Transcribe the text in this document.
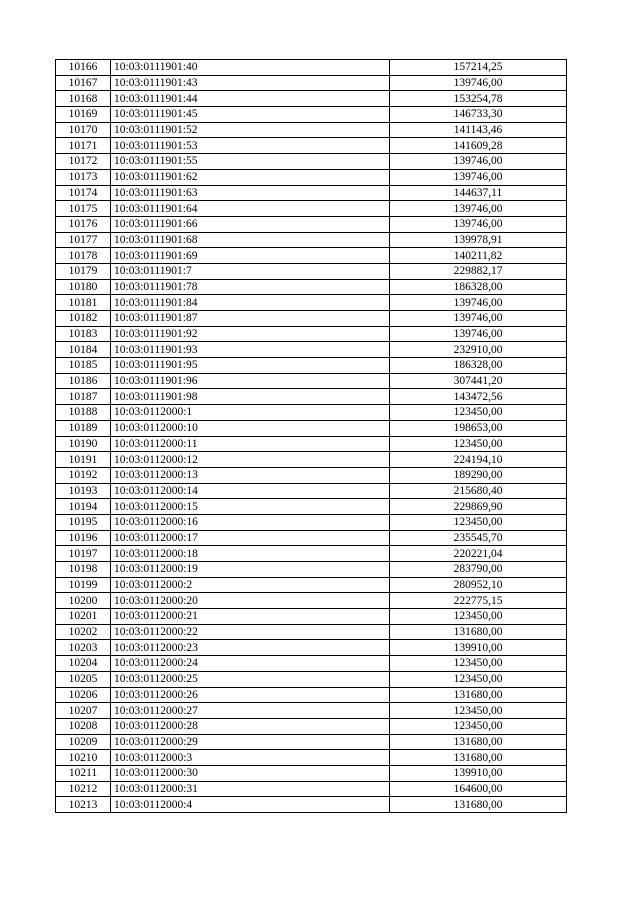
10166	10:03:0111901:40	157214,25
10167	10:03:0111901:43	139746,00
10168	10:03:0111901:44	153254,78
10169	10:03:0111901:45	146733,30
10170	10:03:0111901:52	141143,46
10171	10:03:0111901:53	141609,28
10172	10:03:0111901:55	139746,00
10173	10:03:0111901:62	139746,00
10174	10:03:0111901:63	144637,11
10175	10:03:0111901:64	139746,00
10176	10:03:0111901:66	139746,00
10177	10:03:0111901:68	139978,91
10178	10:03:0111901:69	140211,82
10179	10:03:0111901:7	229882,17
10180	10:03:0111901:78	186328,00
10181	10:03:0111901:84	139746,00
10182	10:03:0111901:87	139746,00
10183	10:03:0111901:92	139746,00
10184	10:03:0111901:93	232910,00
10185	10:03:0111901:95	186328,00
10186	10:03:0111901:96	307441,20
10187	10:03:0111901:98	143472,56
10188	10:03:0112000:1	123450,00
10189	10:03:0112000:10	198653,00
10190	10:03:0112000:11	123450,00
10191	10:03:0112000:12	224194,10
10192	10:03:0112000:13	189290,00
10193	10:03:0112000:14	215680,40
10194	10:03:0112000:15	229869,90
10195	10:03:0112000:16	123450,00
10196	10:03:0112000:17	235545,70
10197	10:03:0112000:18	220221,04
10198	10:03:0112000:19	283790,00
10199	10:03:0112000:2	280952,10
10200	10:03:0112000:20	222775,15
10201	10:03:0112000:21	123450,00
10202	10:03:0112000:22	131680,00
10203	10:03:0112000:23	139910,00
10204	10:03:0112000:24	123450,00
10205	10:03:0112000:25	123450,00
10206	10:03:0112000:26	131680,00
10207	10:03:0112000:27	123450,00
10208	10:03:0112000:28	123450,00
10209	10:03:0112000:29	131680,00
10210	10:03:0112000:3	131680,00
10211	10:03:0112000:30	139910,00
10212	10:03:0112000:31	164600,00
10213	10:03:0112000:4	131680,00
